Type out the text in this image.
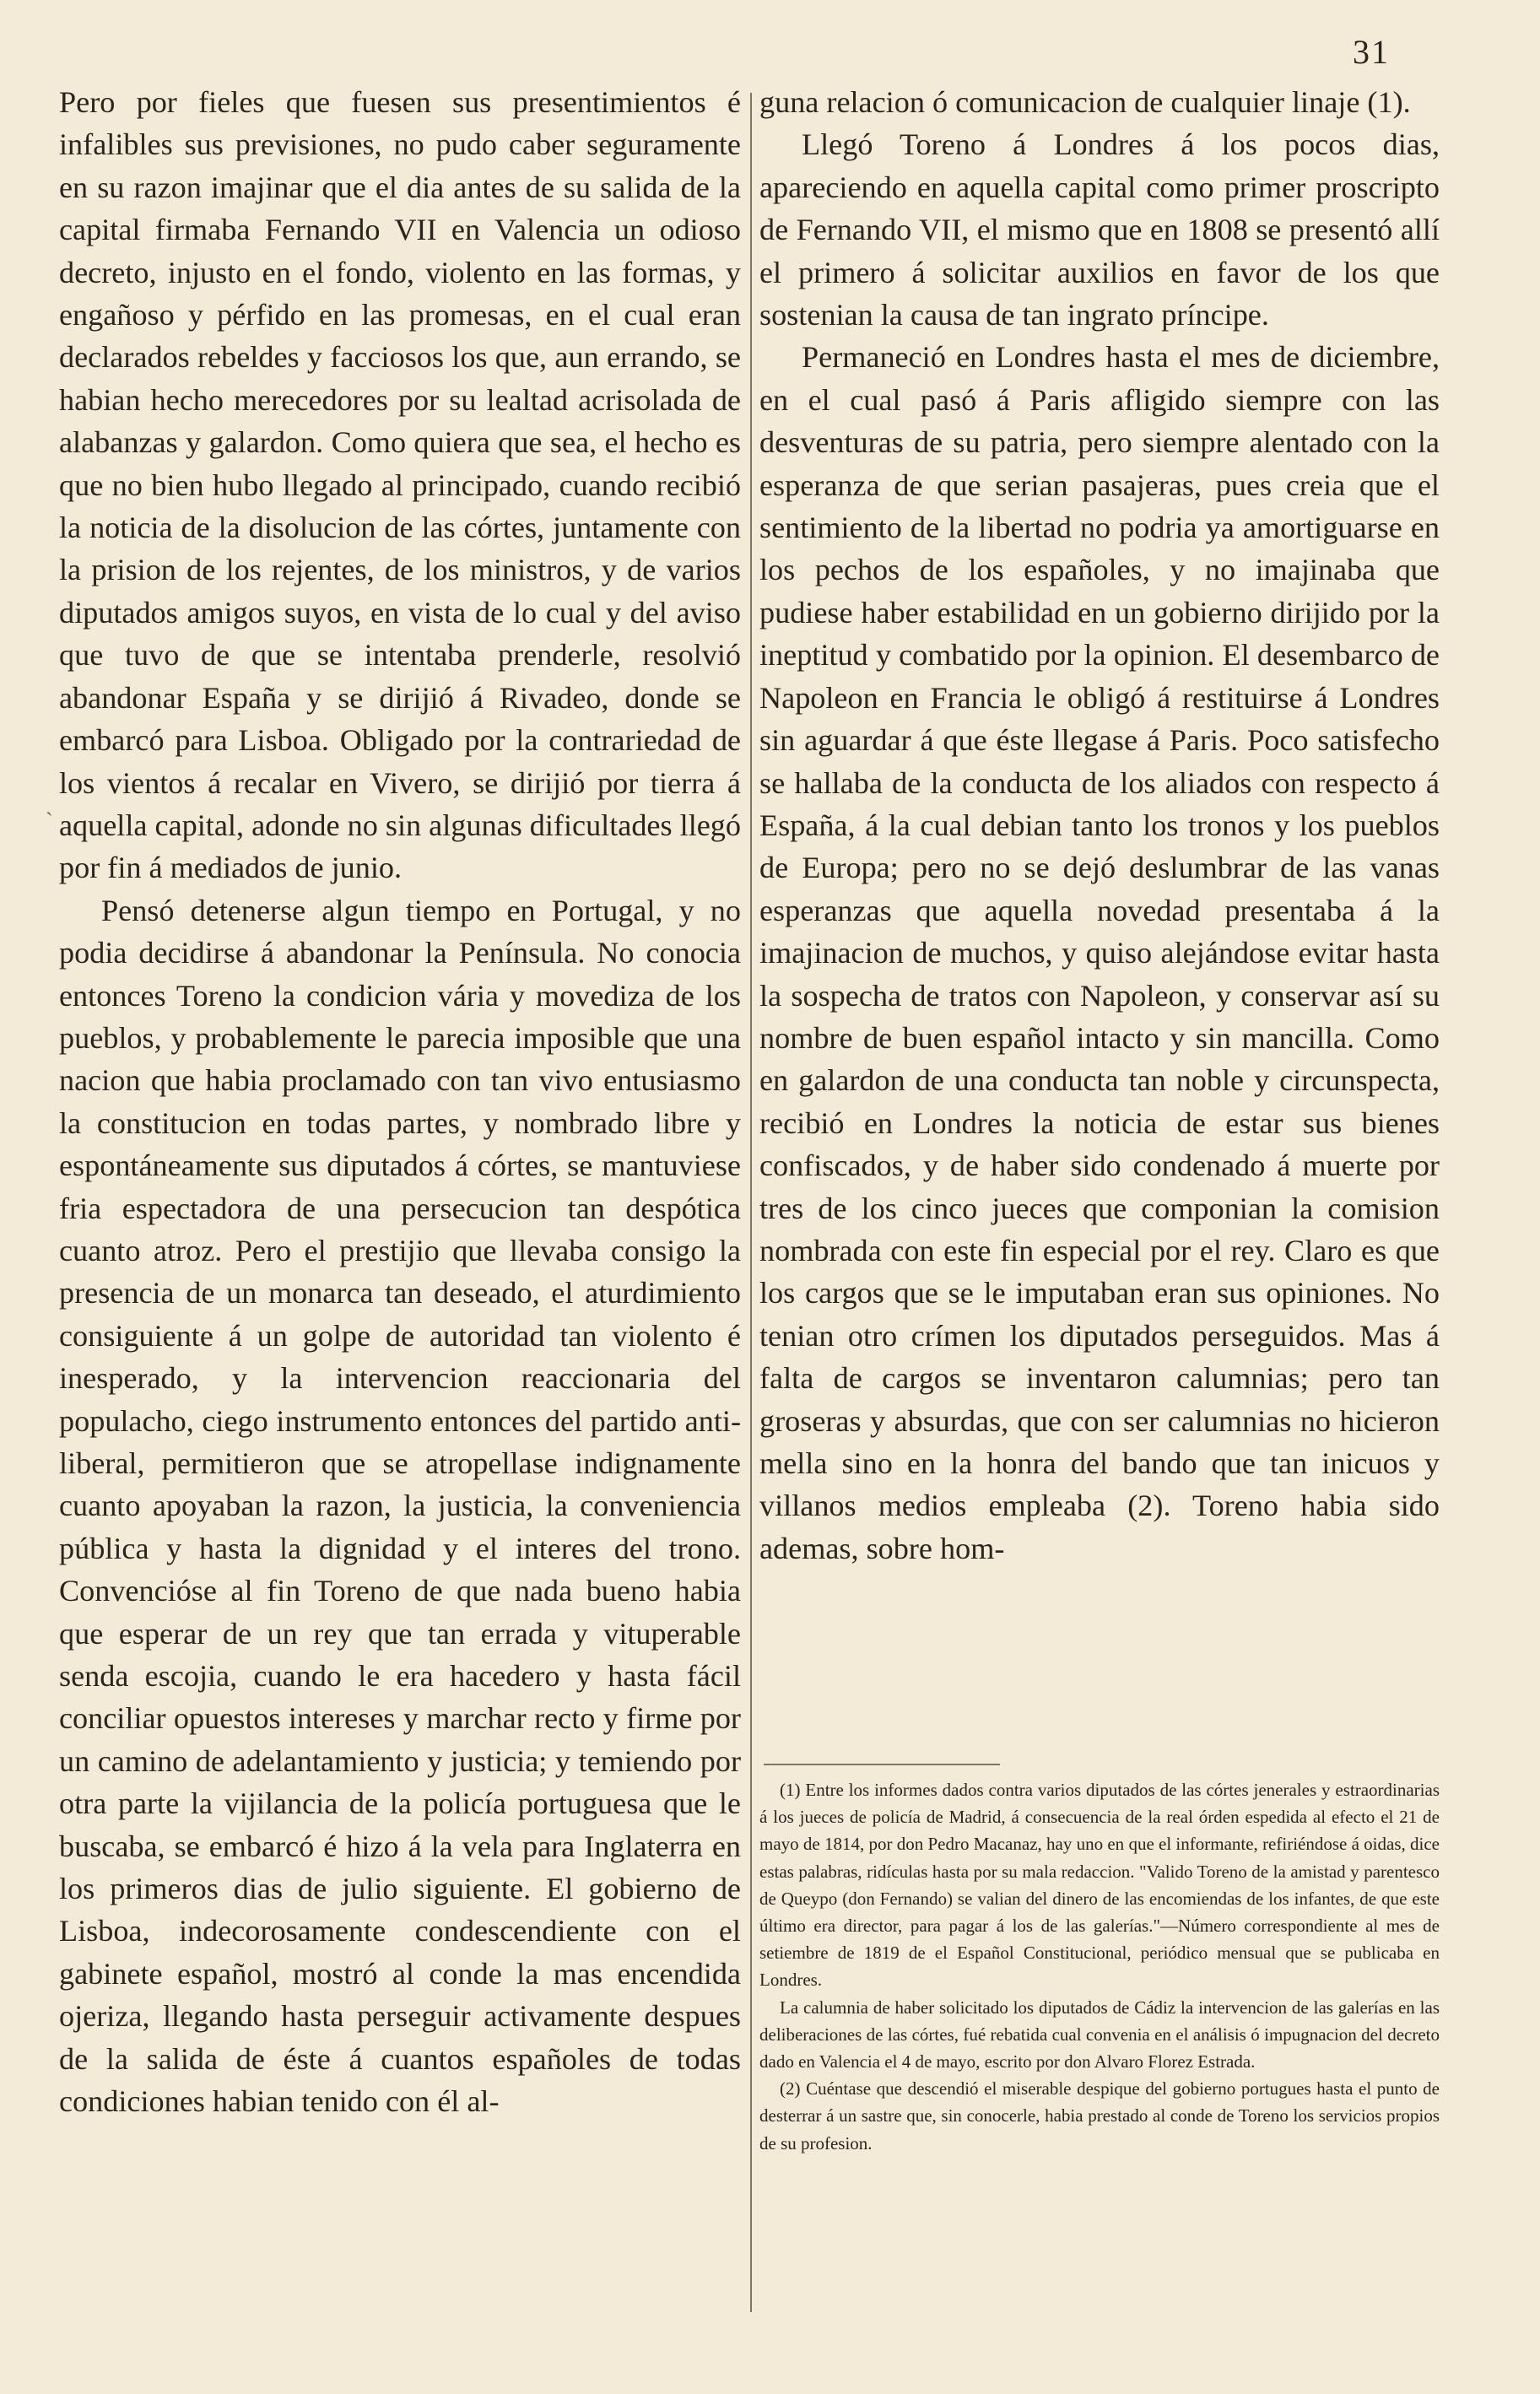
31
`

Pero por fieles que fuesen sus presentimientos é infalibles sus previsiones, no pudo caber seguramente en su razon imajinar que el dia antes de su salida de la capital firmaba Fernando VII en Valencia un odioso decreto, injusto en el fondo, violento en las formas, y engañoso y pérfido en las promesas, en el cual eran declarados rebeldes y facciosos los que, aun errando, se habian hecho merecedores por su lealtad acrisolada de alabanzas y galardon. Como quiera que sea, el hecho es que no bien hubo llegado al principado, cuando recibió la noticia de la disolucion de las córtes, juntamente con la prision de los rejentes, de los ministros, y de varios diputados amigos suyos, en vista de lo cual y del aviso que tuvo de que se intentaba prenderle, resolvió abandonar España y se dirijió á Rivadeo, donde se embarcó para Lisboa. Obligado por la contrariedad de los vientos á recalar en Vivero, se dirijió por tierra á aquella capital, adonde no sin algunas dificultades llegó por fin á mediados de junio.

Pensó detenerse algun tiempo en Portugal, y no podia decidirse á abandonar la Península. No conocia entonces Toreno la condicion vária y movediza de los pueblos, y probablemente le parecia imposible que una nacion que habia proclamado con tan vivo entusiasmo la constitucion en todas partes, y nombrado libre y espontáneamente sus diputados á córtes, se mantuviese fria espectadora de una persecucion tan despótica cuanto atroz. Pero el prestijio que llevaba consigo la presencia de un monarca tan deseado, el aturdimiento consiguiente á un golpe de autoridad tan violento é inesperado, y la intervencion reaccionaria del populacho, ciego instrumento entonces del partido anti-liberal, permitieron que se atropellase indignamente cuanto apoyaban la razon, la justicia, la conveniencia pública y hasta la dignidad y el interes del trono. Convencióse al fin Toreno de que nada bueno habia que esperar de un rey que tan errada y vituperable senda escojia, cuando le era hacedero y hasta fácil conciliar opuestos intereses y marchar recto y firme por un camino de adelantamiento y justicia; y temiendo por otra parte la vijilancia de la policía portuguesa que le buscaba, se embarcó é hizo á la vela para Inglaterra en los primeros dias de julio siguiente. El gobierno de Lisboa, indecorosamente condescendiente con el gabinete español, mostró al conde la mas encendida ojeriza, llegando hasta perseguir activamente despues de la salida de éste á cuantos españoles de todas condiciones habian tenido con él al-

guna relacion ó comunicacion de cualquier linaje (1).

Llegó Toreno á Londres á los pocos dias, apareciendo en aquella capital como primer proscripto de Fernando VII, el mismo que en 1808 se presentó allí el primero á solicitar auxilios en favor de los que sostenian la causa de tan ingrato príncipe.

Permaneció en Londres hasta el mes de diciembre, en el cual pasó á Paris afligido siempre con las desventuras de su patria, pero siempre alentado con la esperanza de que serian pasajeras, pues creia que el sentimiento de la libertad no podria ya amortiguarse en los pechos de los españoles, y no imajinaba que pudiese haber estabilidad en un gobierno dirijido por la ineptitud y combatido por la opinion. El desembarco de Napoleon en Francia le obligó á restituirse á Londres sin aguardar á que éste llegase á Paris. Poco satisfecho se hallaba de la conducta de los aliados con respecto á España, á la cual debian tanto los tronos y los pueblos de Europa; pero no se dejó deslumbrar de las vanas esperanzas que aquella novedad presentaba á la imajinacion de muchos, y quiso alejándose evitar hasta la sospecha de tratos con Napoleon, y conservar así su nombre de buen español intacto y sin mancilla. Como en galardon de una conducta tan noble y circunspecta, recibió en Londres la noticia de estar sus bienes confiscados, y de haber sido condenado á muerte por tres de los cinco jueces que componian la comision nombrada con este fin especial por el rey. Claro es que los cargos que se le imputaban eran sus opiniones. No tenian otro crímen los diputados perseguidos. Mas á falta de cargos se inventaron calumnias; pero tan groseras y absurdas, que con ser calumnias no hicieron mella sino en la honra del bando que tan inicuos y villanos medios empleaba (2). Toreno habia sido ademas, sobre hom-

(1) Entre los informes dados contra varios diputados de las córtes jenerales y estraordinarias á los jueces de policía de Madrid, á consecuencia de la real órden espedida al efecto el 21 de mayo de 1814, por don Pedro Macanaz, hay uno en que el informante, refiriéndose á oidas, dice estas palabras, ridículas hasta por su mala redaccion. "Valido Toreno de la amistad y parentesco de Queypo (don Fernando) se valian del dinero de las encomiendas de los infantes, de que este último era director, para pagar á los de las galerías."—Número correspondiente al mes de setiembre de 1819 de el Español Constitucional, periódico mensual que se publicaba en Londres.

La calumnia de haber solicitado los diputados de Cádiz la intervencion de las galerías en las deliberaciones de las córtes, fué rebatida cual convenia en el análisis ó impugnacion del decreto dado en Valencia el 4 de mayo, escrito por don Alvaro Florez Estrada.

(2) Cuéntase que descendió el miserable despique del gobierno portugues hasta el punto de desterrar á un sastre que, sin conocerle, habia prestado al conde de Toreno los servicios propios de su profesion.
